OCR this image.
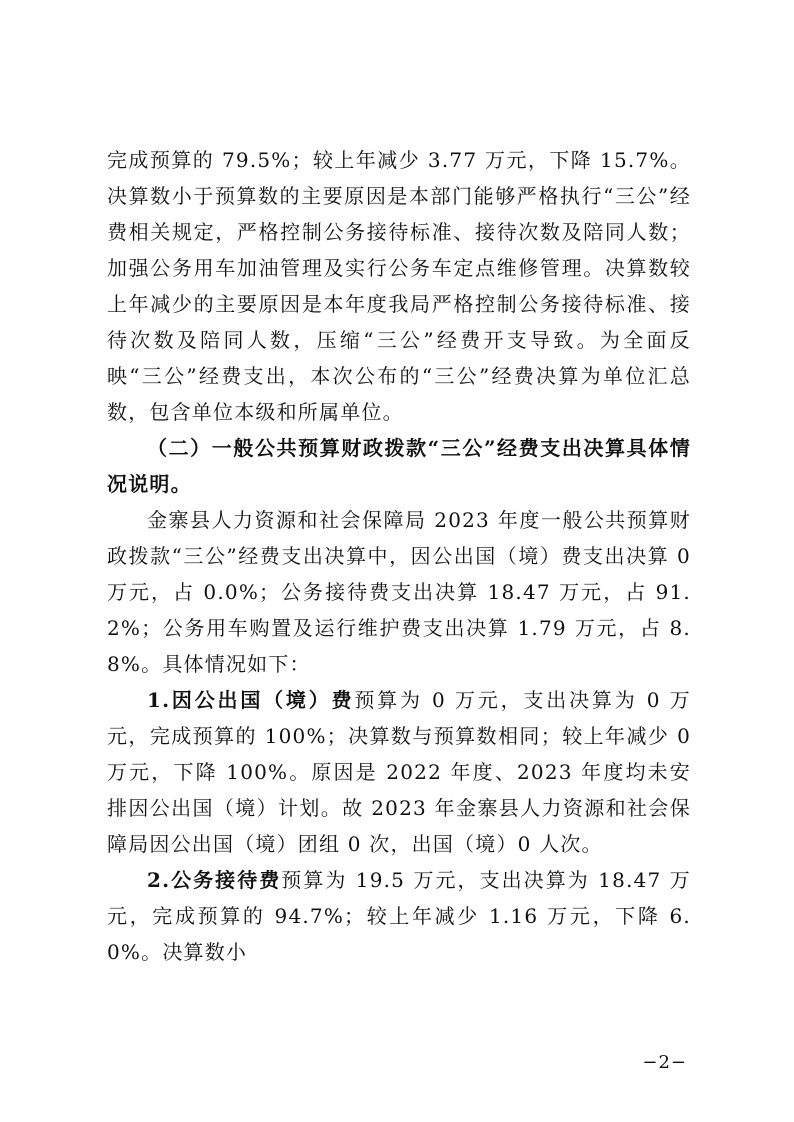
完成预算的 79.5%；较上年减少 3.77 万元，下降 15.7%。决算数小于预算数的主要原因是本部门能够严格执行“三公”经费相关规定，严格控制公务接待标准、接待次数及陪同人数；加强公务用车加油管理及实行公务车定点维修管理。决算数较上年减少的主要原因是本年度我局严格控制公务接待标准、接待次数及陪同人数，压缩“三公”经费开支导致。为全面反映“三公”经费支出，本次公布的“三公”经费决算为单位汇总数，包含单位本级和所属单位。

（二）一般公共预算财政拨款“三公”经费支出决算具体情况说明。

金寨县人力资源和社会保障局 2023 年度一般公共预算财政拨款“三公”经费支出决算中，因公出国（境）费支出决算 0 万元，占 0.0%；公务接待费支出决算 18.47 万元，占 91.2%；公务用车购置及运行维护费支出决算 1.79 万元，占 8.8%。具体情况如下：

1.因公出国（境）费预算为 0 万元，支出决算为 0 万元，完成预算的 100%；决算数与预算数相同；较上年减少 0 万元，下降 100%。原因是 2022 年度、2023 年度均未安排因公出国（境）计划。故 2023 年金寨县人力资源和社会保障局因公出国（境）团组 0 次，出国（境）0 人次。

2.公务接待费预算为 19.5 万元，支出决算为 18.47 万元，完成预算的 94.7%；较上年减少 1.16 万元，下降 6.0%。决算数小

−2−
